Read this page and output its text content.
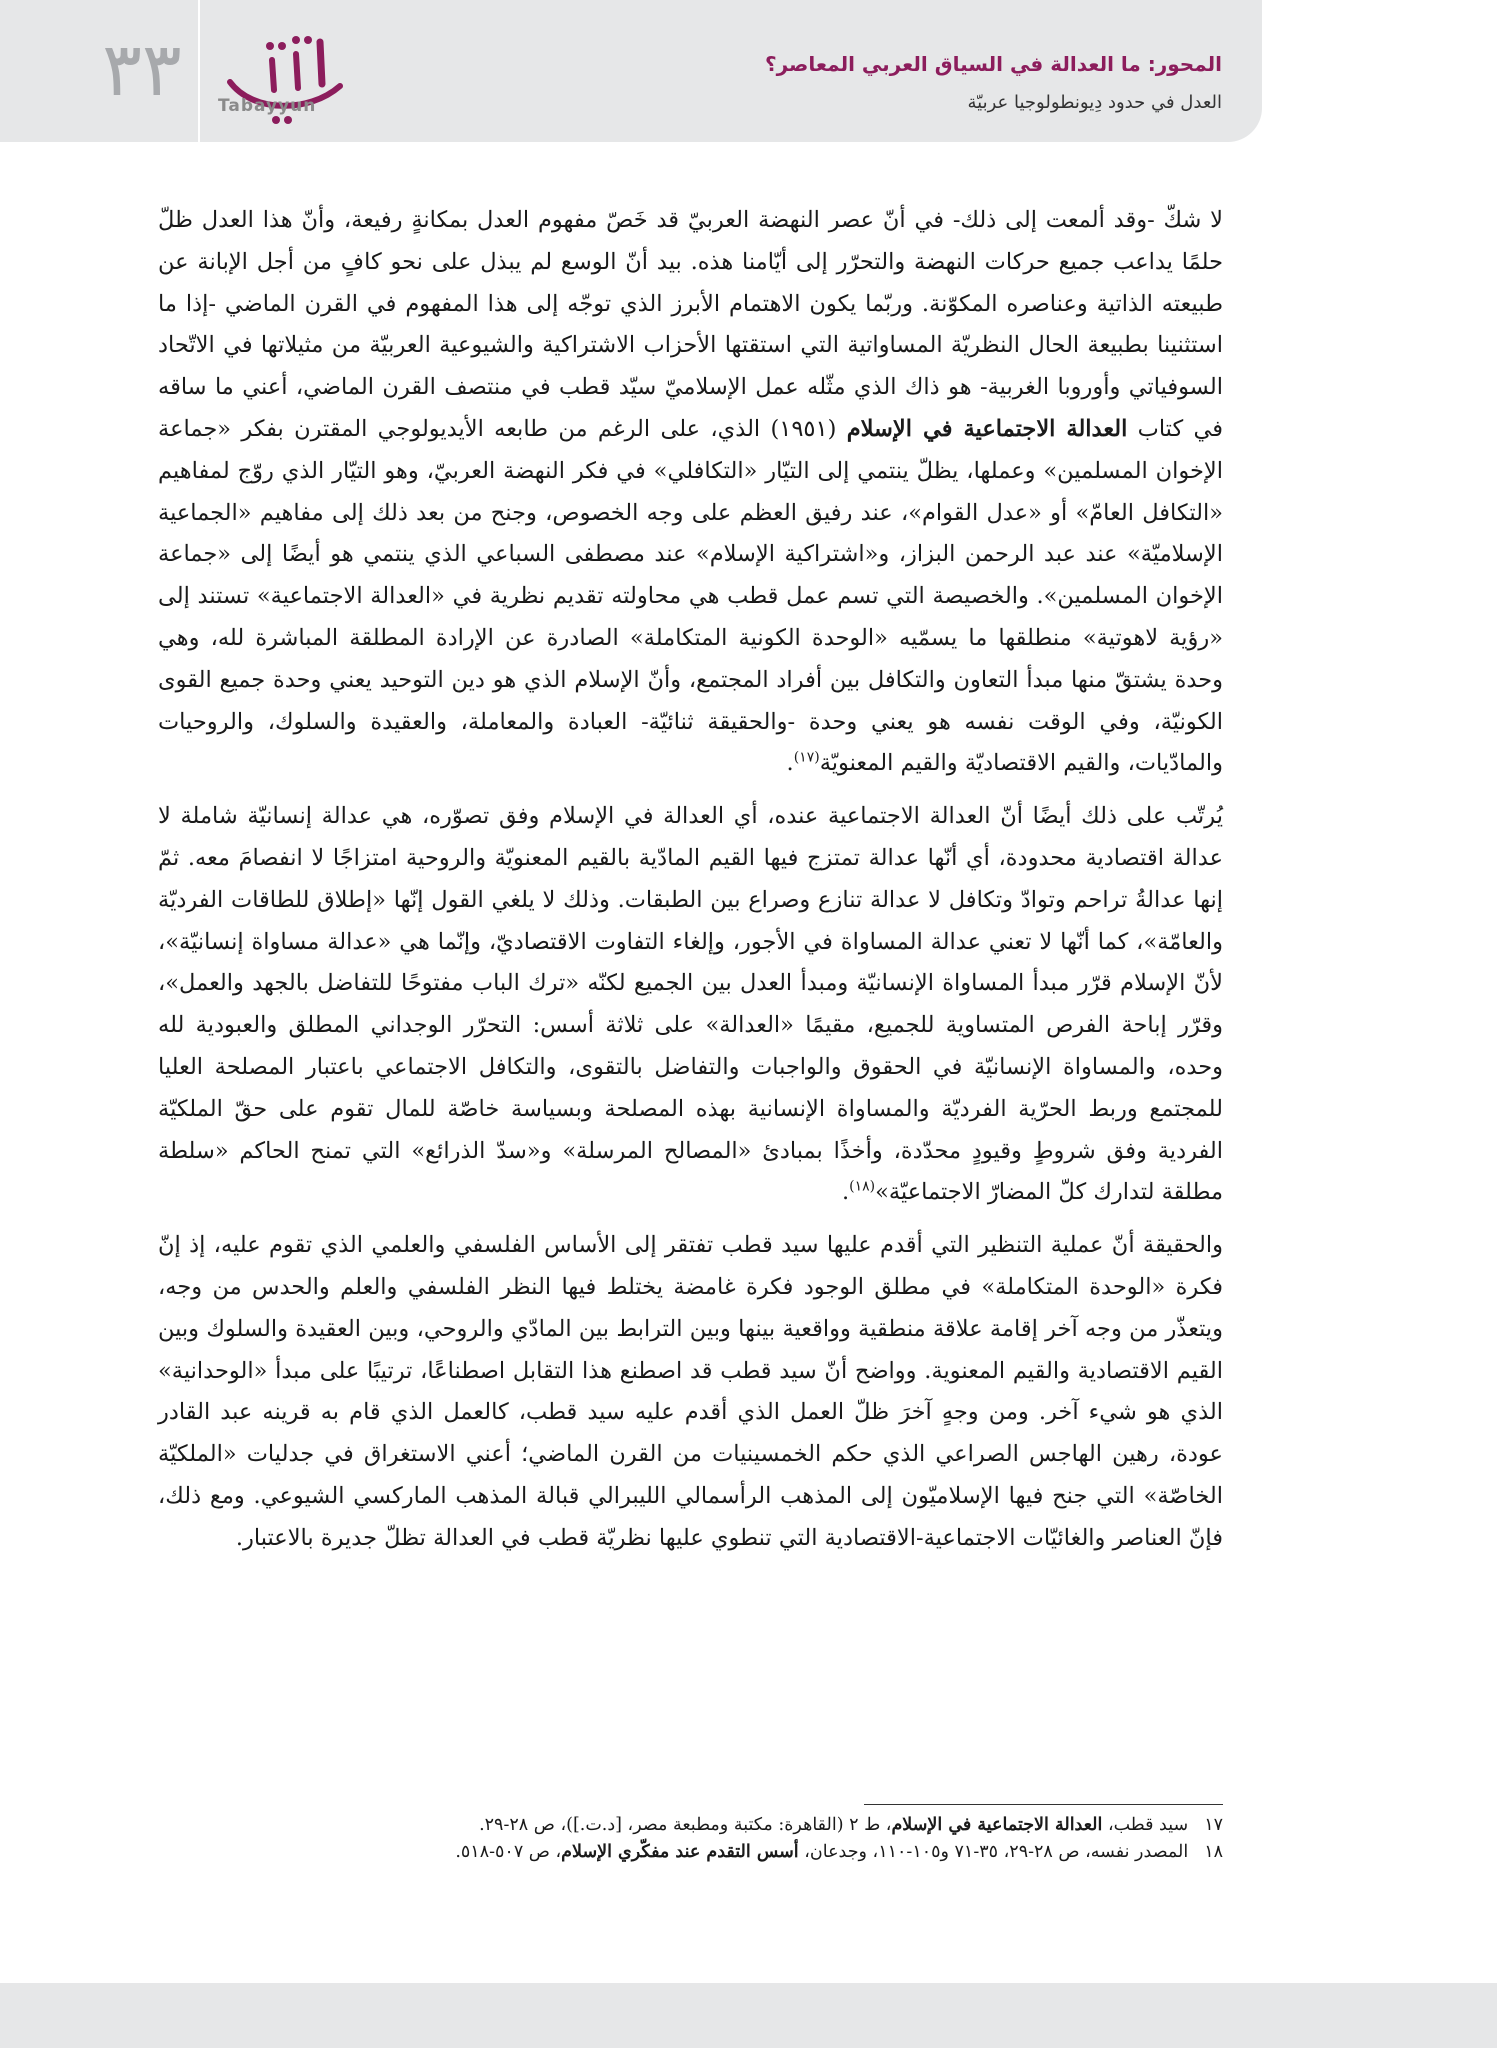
٣٣	Tabayyun
المحور: ما العدالة في السياق العربي المعاصر؟
العدل في حدود دِيونطولوجيا عربيّة

لا شكّ -وقد ألمعت إلى ذلك- في أنّ عصر النهضة العربيّ قد خَصّ مفهوم العدل بمكانةٍ رفيعة، وأنّ هذا العدل ظلّ حلمًا يداعب جميع حركات النهضة والتحرّر إلى أيّامنا هذه. بيد أنّ الوسع لم يبذل على نحو كافٍ من أجل الإبانة عن طبيعته الذاتية وعناصره المكوّنة. وربّما يكون الاهتمام الأبرز الذي توجّه إلى هذا المفهوم في القرن الماضي -إذا ما استثنينا بطبيعة الحال النظريّة المساواتية التي استقتها الأحزاب الاشتراكية والشيوعية العربيّة من مثيلاتها في الاتّحاد السوفياتي وأوروبا الغربية- هو ذاك الذي مثّله عمل الإسلاميّ سيّد قطب في منتصف القرن الماضي، أعني ما ساقه في كتاب العدالة الاجتماعية في الإسلام (١٩٥١) الذي، على الرغم من طابعه الأيديولوجي المقترن بفكر «جماعة الإخوان المسلمين» وعملها، يظلّ ينتمي إلى التيّار «التكافلي» في فكر النهضة العربيّ، وهو التيّار الذي روّج لمفاهيم «التكافل العامّ» أو «عدل القوام»، عند رفيق العظم على وجه الخصوص، وجنح من بعد ذلك إلى مفاهيم «الجماعية الإسلاميّة» عند عبد الرحمن البزاز، و«اشتراكية الإسلام» عند مصطفى السباعي الذي ينتمي هو أيضًا إلى «جماعة الإخوان المسلمين». والخصيصة التي تسم عمل قطب هي محاولته تقديم نظرية في «العدالة الاجتماعية» تستند إلى «رؤية لاهوتية» منطلقها ما يسمّيه «الوحدة الكونية المتكاملة» الصادرة عن الإرادة المطلقة المباشرة لله، وهي وحدة يشتقّ منها مبدأ التعاون والتكافل بين أفراد المجتمع، وأنّ الإسلام الذي هو دين التوحيد يعني وحدة جميع القوى الكونيّة، وفي الوقت نفسه هو يعني وحدة -والحقيقة ثنائيّة- العبادة والمعاملة، والعقيدة والسلوك، والروحيات والمادّيات، والقيم الاقتصاديّة والقيم المعنويّة$^{(١٧)}$.

يُرتّب على ذلك أيضًا أنّ العدالة الاجتماعية عنده، أي العدالة في الإسلام وفق تصوّره، هي عدالة إنسانيّة شاملة لا عدالة اقتصادية محدودة، أي أنّها عدالة تمتزج فيها القيم المادّية بالقيم المعنويّة والروحية امتزاجًا لا انفصامَ معه. ثمّ إنها عدالةُ تراحم وتوادّ وتكافل لا عدالة تنازع وصراع بين الطبقات. وذلك لا يلغي القول إنّها «إطلاق للطاقات الفرديّة والعامّة»، كما أنّها لا تعني عدالة المساواة في الأجور، وإلغاء التفاوت الاقتصاديّ، وإنّما هي «عدالة مساواة إنسانيّة»، لأنّ الإسلام قرّر مبدأ المساواة الإنسانيّة ومبدأ العدل بين الجميع لكنّه «ترك الباب مفتوحًا للتفاضل بالجهد والعمل»، وقرّر إباحة الفرص المتساوية للجميع، مقيمًا «العدالة» على ثلاثة أسس: التحرّر الوجداني المطلق والعبودية لله وحده، والمساواة الإنسانيّة في الحقوق والواجبات والتفاضل بالتقوى، والتكافل الاجتماعي باعتبار المصلحة العليا للمجتمع وربط الحرّية الفرديّة والمساواة الإنسانية بهذه المصلحة وبسياسة خاصّة للمال تقوم على حقّ الملكيّة الفردية وفق شروطٍ وقيودٍ محدّدة، وأخذًا بمبادئ «المصالح المرسلة» و«سدّ الذرائع» التي تمنح الحاكم «سلطة مطلقة لتدارك كلّ المضارّ الاجتماعيّة»$^{(١٨)}$.

والحقيقة أنّ عملية التنظير التي أقدم عليها سيد قطب تفتقر إلى الأساس الفلسفي والعلمي الذي تقوم عليه، إذ إنّ فكرة «الوحدة المتكاملة» في مطلق الوجود فكرة غامضة يختلط فيها النظر الفلسفي والعلم والحدس من وجه، ويتعذّر من وجه آخر إقامة علاقة منطقية وواقعية بينها وبين الترابط بين المادّي والروحي، وبين العقيدة والسلوك وبين القيم الاقتصادية والقيم المعنوية. وواضح أنّ سيد قطب قد اصطنع هذا التقابل اصطناعًا، ترتيبًا على مبدأ «الوحدانية» الذي هو شيء آخر. ومن وجهٍ آخرَ ظلّ العمل الذي أقدم عليه سيد قطب، كالعمل الذي قام به قرينه عبد القادر عودة، رهين الهاجس الصراعي الذي حكم الخمسينيات من القرن الماضي؛ أعني الاستغراق في جدليات «الملكيّة الخاصّة» التي جنح فيها الإسلاميّون إلى المذهب الرأسمالي الليبرالي قبالة المذهب الماركسي الشيوعي. ومع ذلك، فإنّ العناصر والغائيّات الاجتماعية-الاقتصادية التي تنطوي عليها نظريّة قطب في العدالة تظلّ جديرة بالاعتبار.

١٧سيد قطب، العدالة الاجتماعية في الإسلام، ط ٢ (القاهرة: مكتبة ومطبعة مصر، [د.ت.])، ص ٢٨-٢٩.
١٨المصدر نفسه، ص ٢٨-٢٩، ٣٥-٧١ و١٠٥-١١٠، وجدعان، أسس التقدم عند مفكّري الإسلام، ص ٥٠٧-٥١٨.
